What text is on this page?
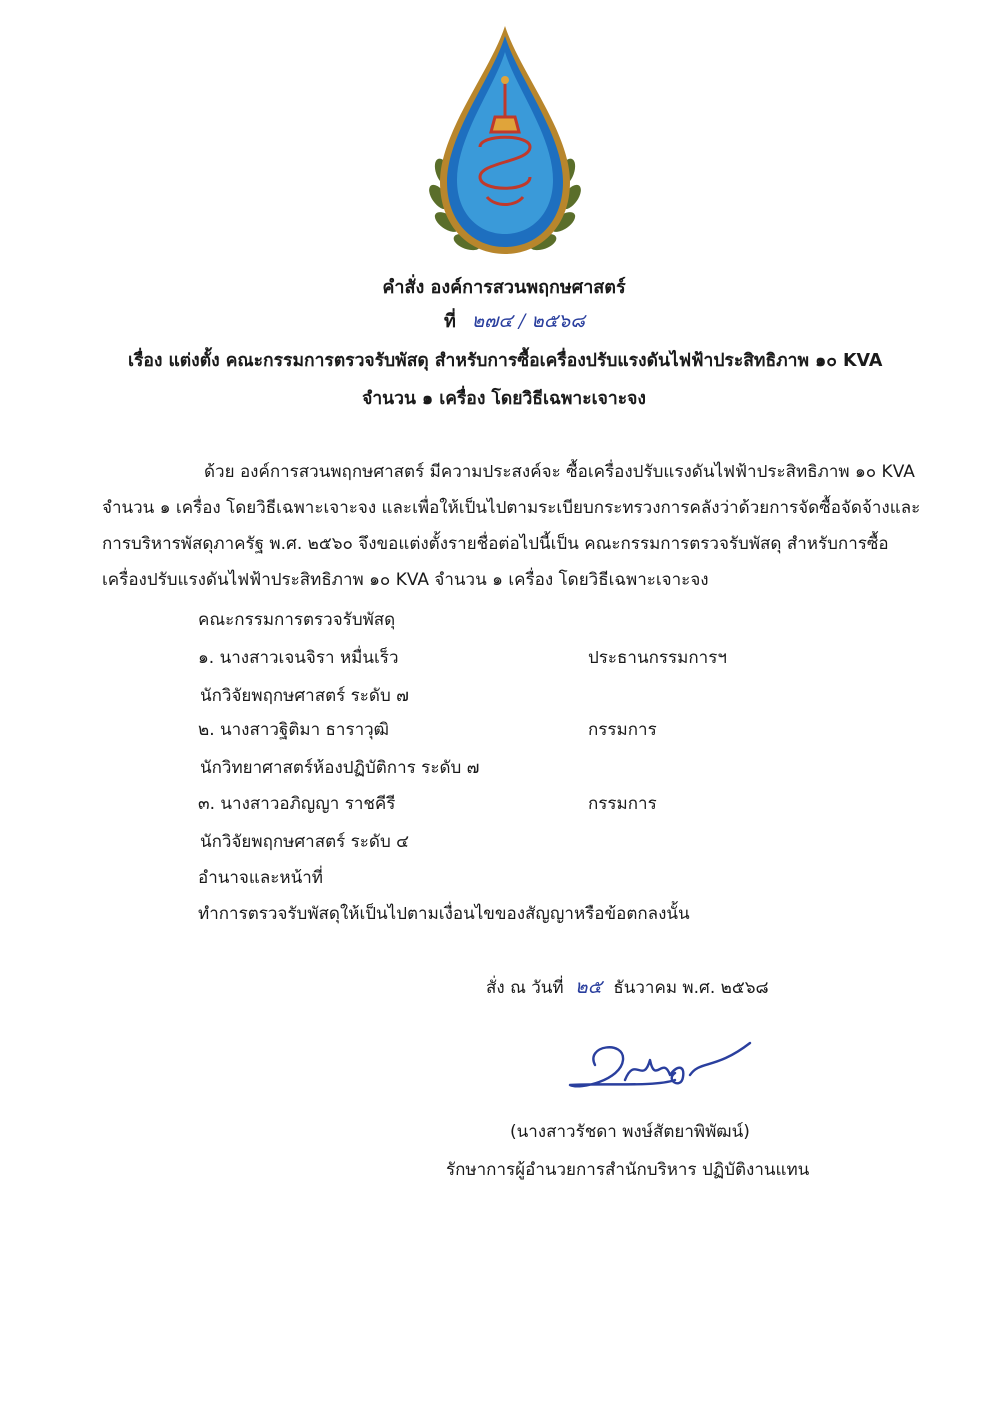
คำสั่ง องค์การสวนพฤกษศาสตร์
ที่ ๒๗๔ / ๒๕๖๘
เรื่อง แต่งตั้ง คณะกรรมการตรวจรับพัสดุ สำหรับการซื้อเครื่องปรับแรงดันไฟฟ้าประสิทธิภาพ ๑๐ KVA
จำนวน ๑ เครื่อง โดยวิธีเฉพาะเจาะจง
ด้วย องค์การสวนพฤกษศาสตร์ มีความประสงค์จะ ซื้อเครื่องปรับแรงดันไฟฟ้าประสิทธิภาพ ๑๐ KVA
จำนวน ๑ เครื่อง โดยวิธีเฉพาะเจาะจง และเพื่อให้เป็นไปตามระเบียบกระทรวงการคลังว่าด้วยการจัดซื้อจัดจ้างและ
การบริหารพัสดุภาครัฐ พ.ศ. ๒๕๖๐ จึงขอแต่งตั้งรายชื่อต่อไปนี้เป็น คณะกรรมการตรวจรับพัสดุ สำหรับการซื้อ
เครื่องปรับแรงดันไฟฟ้าประสิทธิภาพ ๑๐ KVA จำนวน ๑ เครื่อง โดยวิธีเฉพาะเจาะจง
คณะกรรมการตรวจรับพัสดุ
๑. นางสาวเจนจิรา หมื่นเร็ว	ประธานกรรมการฯ
นักวิจัยพฤกษศาสตร์ ระดับ ๗
๒. นางสาวฐิติมา ธาราวุฒิ	กรรมการ
นักวิทยาศาสตร์ห้องปฏิบัติการ ระดับ ๗
๓. นางสาวอภิญญา ราชคีรี	กรรมการ
นักวิจัยพฤกษศาสตร์ ระดับ ๔
อำนาจและหน้าที่
ทำการตรวจรับพัสดุให้เป็นไปตามเงื่อนไขของสัญญาหรือข้อตกลงนั้น
สั่ง ณ วันที่ ๒๕ ธันวาคม พ.ศ. ๒๕๖๘
(นางสาวรัชดา พงษ์สัตยาพิพัฒน์)
รักษาการผู้อำนวยการสำนักบริหาร ปฏิบัติงานแทน
